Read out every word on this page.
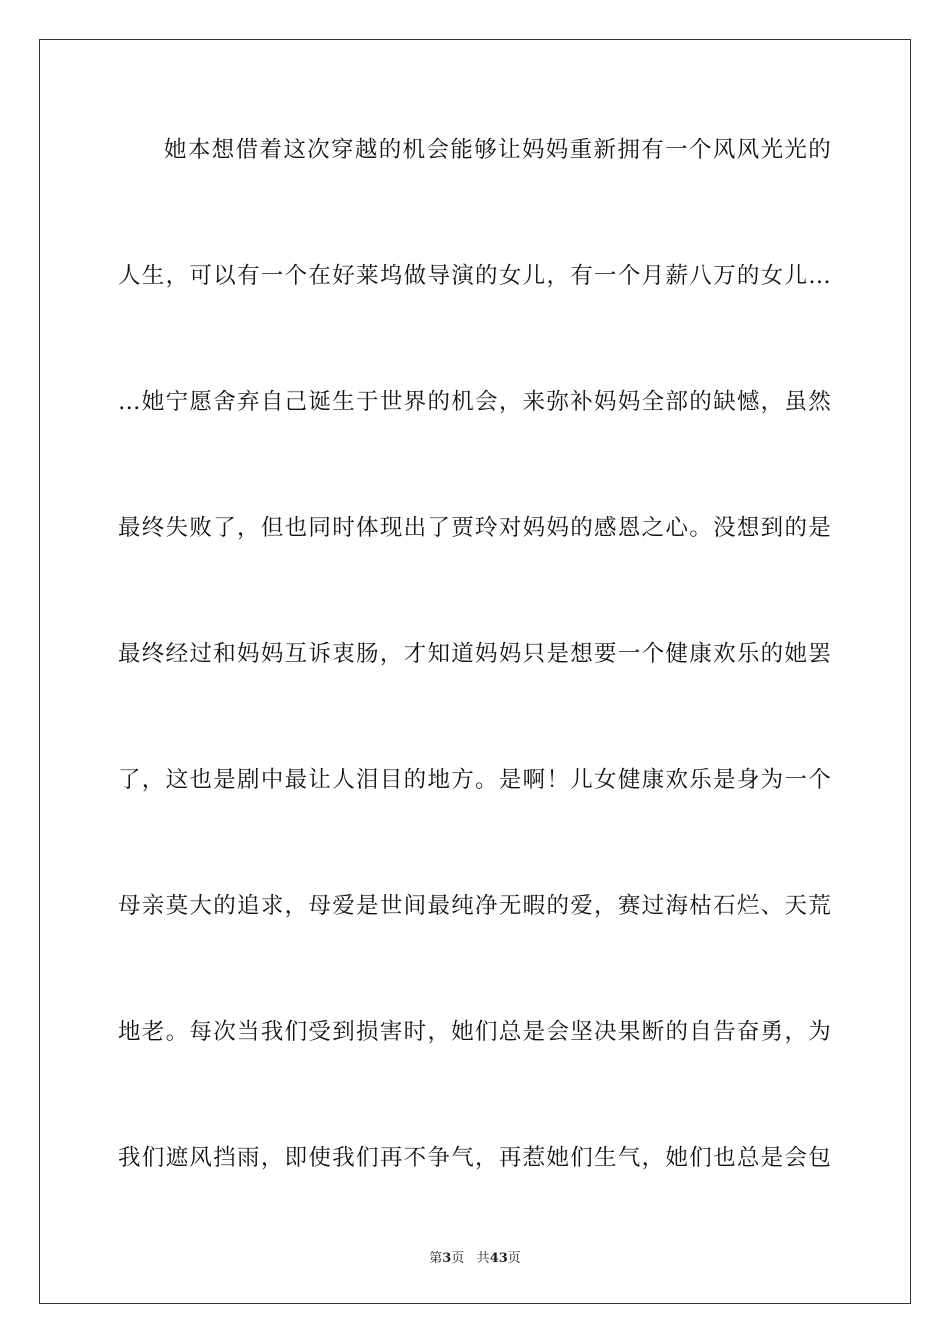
她本想借着这次穿越的机会能够让妈妈重新拥有一个风风光光的
人生，可以有一个在好莱坞做导演的女儿，有一个月薪八万的女儿…
…她宁愿舍弃自己诞生于世界的机会，来弥补妈妈全部的缺憾，虽然
最终失败了，但也同时体现出了贾玲对妈妈的感恩之心。没想到的是
最终经过和妈妈互诉衷肠，才知道妈妈只是想要一个健康欢乐的她罢
了，这也是剧中最让人泪目的地方。是啊！儿女健康欢乐是身为一个
母亲莫大的追求，母爱是世间最纯净无暇的爱，赛过海枯石烂、天荒
地老。每次当我们受到损害时，她们总是会坚决果断的自告奋勇，为
我们遮风挡雨，即使我们再不争气，再惹她们生气，她们也总是会包
第3页 共43页
